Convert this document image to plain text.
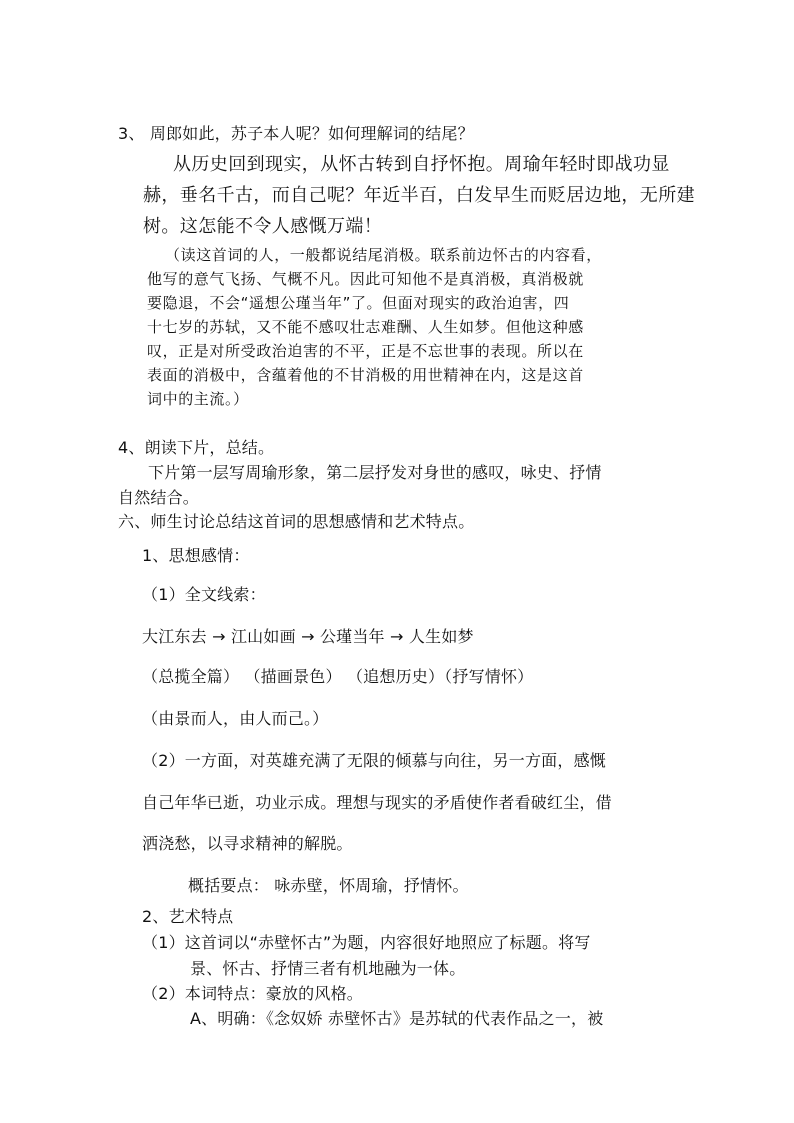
3、 周郎如此，苏子本人呢？如何理解词的结尾？
从历史回到现实，从怀古转到自抒怀抱。周瑜年轻时即战功显
赫，垂名千古，而自己呢？年近半百，白发早生而贬居边地，无所建
树。这怎能不令人感慨万端！
（读这首词的人，一般都说结尾消极。联系前边怀古的内容看，
他写的意气飞扬、气概不凡。因此可知他不是真消极，真消极就
要隐退，不会“遥想公瑾当年”了。但面对现实的政治迫害，四
十七岁的苏轼，又不能不感叹壮志难酬、人生如梦。但他这种感
叹，正是对所受政治迫害的不平，正是不忘世事的表现。所以在
表面的消极中，含蕴着他的不甘消极的用世精神在内，这是这首
词中的主流。）
4、朗读下片，总结。
下片第一层写周瑜形象，第二层抒发对身世的感叹，咏史、抒情
自然结合。
六、师生讨论总结这首词的思想感情和艺术特点。
1、思想感情：
（1）全文线索：
大江东去 → 江山如画 → 公瑾当年 → 人生如梦
（总揽全篇） （描画景色） （追想历史）（抒写情怀）
（由景而人，由人而己。）
（2）一方面，对英雄充满了无限的倾慕与向往，另一方面，感慨
自己年华已逝，功业示成。理想与现实的矛盾使作者看破红尘，借
洒浇愁，以寻求精神的解脱。
概括要点： 咏赤壁，怀周瑜，抒情怀。
2、艺术特点
（1）这首词以“赤壁怀古”为题，内容很好地照应了标题。将写
景、怀古、抒情三者有机地融为一体。
（2）本词特点：豪放的风格。
A、明确：《念奴娇 赤壁怀古》是苏轼的代表作品之一，被
